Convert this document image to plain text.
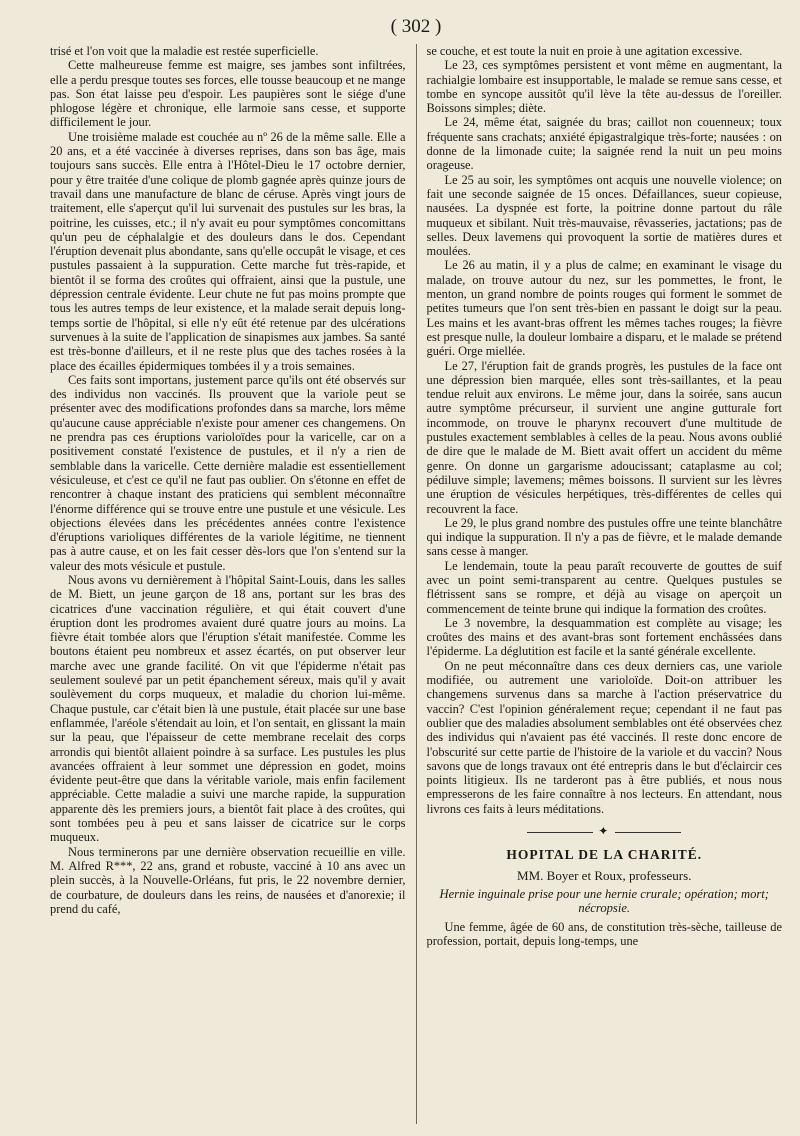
( 302 )

trisé et l'on voit que la maladie est restée superficielle.

Cette malheureuse femme est maigre, ses jambes sont infiltrées, elle a perdu presque toutes ses forces, elle tousse beaucoup et ne mange pas. Son état laisse peu d'espoir. Les paupières sont le siége d'une phlogose légère et chronique, elle larmoie sans cesse, et supporte difficilement le jour.

Une troisième malade est couchée au nº 26 de la même salle. Elle a 20 ans, et a été vaccinée à diverses reprises, dans son bas âge, mais toujours sans succès. Elle entra à l'Hôtel-Dieu le 17 octobre dernier, pour y être traitée d'une colique de plomb gagnée après quinze jours de travail dans une manufacture de blanc de céruse. Après vingt jours de traitement, elle s'aperçut qu'il lui survenait des pustules sur les bras, la poitrine, les cuisses, etc.; il n'y avait eu pour symptômes concomittans qu'un peu de céphalalgie et des douleurs dans le dos. Cependant l'éruption devenait plus abondante, sans qu'elle occupât le visage, et ces pustules passaient à la suppuration. Cette marche fut très-rapide, et bientôt il se forma des croûtes qui offraient, ainsi que la pustule, une dépression centrale évidente. Leur chute ne fut pas moins prompte que tous les autres temps de leur existence, et la malade serait depuis long-temps sortie de l'hôpital, si elle n'y eût été retenue par des ulcérations survenues à la suite de l'application de sinapismes aux jambes. Sa santé est très-bonne d'ailleurs, et il ne reste plus que des taches rosées à la place des écailles épidermiques tombées il y a trois semaines.

Ces faits sont importans, justement parce qu'ils ont été observés sur des individus non vaccinés. Ils prouvent que la variole peut se présenter avec des modifications profondes dans sa marche, lors même qu'aucune cause appréciable n'existe pour amener ces changemens. On ne prendra pas ces éruptions varioloïdes pour la varicelle, car on a positivement constaté l'existence de pustules, et il n'y a rien de semblable dans la varicelle. Cette dernière maladie est essentiellement vésiculeuse, et c'est ce qu'il ne faut pas oublier. On s'étonne en effet de rencontrer à chaque instant des praticiens qui semblent méconnaître l'énorme différence qui se trouve entre une pustule et une vésicule. Les objections élevées dans les précédentes années contre l'existence d'éruptions varioliques différentes de la variole légitime, ne tiennent pas à autre cause, et on les fait cesser dès-lors que l'on s'entend sur la valeur des mots vésicule et pustule.

Nous avons vu dernièrement à l'hôpital Saint-Louis, dans les salles de M. Biett, un jeune garçon de 18 ans, portant sur les bras des cicatrices d'une vaccination régulière, et qui était couvert d'une éruption dont les prodromes avaient duré quatre jours au moins. La fièvre était tombée alors que l'éruption s'était manifestée. Comme les boutons étaient peu nombreux et assez écartés, on put observer leur marche avec une grande facilité. On vit que l'épiderme n'était pas seulement soulevé par un petit épanchement séreux, mais qu'il y avait soulèvement du corps muqueux, et maladie du chorion lui-même. Chaque pustule, car c'était bien là une pustule, était placée sur une base enflammée, l'aréole s'étendait au loin, et l'on sentait, en glissant la main sur la peau, que l'épaisseur de cette membrane recelait des corps arrondis qui bientôt allaient poindre à sa surface. Les pustules les plus avancées offraient à leur sommet une dépression en godet, moins évidente peut-être que dans la véritable variole, mais enfin facilement appréciable. Cette maladie a suivi une marche rapide, la suppuration apparente dès les premiers jours, a bientôt fait place à des croûtes, qui sont tombées peu à peu et sans laisser de cicatrice sur le corps muqueux.

Nous terminerons par une dernière observation recueillie en ville. M. Alfred R***, 22 ans, grand et robuste, vacciné à 10 ans avec un plein succès, à la Nouvelle-Orléans, fut pris, le 22 novembre dernier, de courbature, de douleurs dans les reins, de nausées et d'anorexie; il prend du café,

se couche, et est toute la nuit en proie à une agitation excessive.

Le 23, ces symptômes persistent et vont même en augmentant, la rachialgie lombaire est insupportable, le malade se remue sans cesse, et tombe en syncope aussitôt qu'il lève la tête au-dessus de l'oreiller. Boissons simples; diète.

Le 24, même état, saignée du bras; caillot non couenneux; toux fréquente sans crachats; anxiété épigastralgique très-forte; nausées : on donne de la limonade cuite; la saignée rend la nuit un peu moins orageuse.

Le 25 au soir, les symptômes ont acquis une nouvelle violence; on fait une seconde saignée de 15 onces. Défaillances, sueur copieuse, nausées. La dyspnée est forte, la poitrine donne partout du râle muqueux et sibilant. Nuit très-mauvaise, rêvasseries, jactations; pas de selles. Deux lavemens qui provoquent la sortie de matières dures et moulées.

Le 26 au matin, il y a plus de calme; en examinant le visage du malade, on trouve autour du nez, sur les pommettes, le front, le menton, un grand nombre de points rouges qui forment le sommet de petites tumeurs que l'on sent très-bien en passant le doigt sur la peau. Les mains et les avant-bras offrent les mêmes taches rouges; la fièvre est presque nulle, la douleur lombaire a disparu, et le malade se prétend guéri. Orge miellée.

Le 27, l'éruption fait de grands progrès, les pustules de la face ont une dépression bien marquée, elles sont très-saillantes, et la peau tendue reluit aux environs. Le même jour, dans la soirée, sans aucun autre symptôme précurseur, il survient une angine gutturale fort incommode, on trouve le pharynx recouvert d'une multitude de pustules exactement semblables à celles de la peau. Nous avons oublié de dire que le malade de M. Biett avait offert un accident du même genre. On donne un gargarisme adoucissant; cataplasme au col; pédiluve simple; lavemens; mêmes boissons. Il survient sur les lèvres une éruption de vésicules herpétiques, très-différentes de celles qui recouvrent la face.

Le 29, le plus grand nombre des pustules offre une teinte blanchâtre qui indique la suppuration. Il n'y a pas de fièvre, et le malade demande sans cesse à manger.

Le lendemain, toute la peau paraît recouverte de gouttes de suif avec un point semi-transparent au centre. Quelques pustules se flétrissent sans se rompre, et déjà au visage on aperçoit un commencement de teinte brune qui indique la formation des croûtes.

Le 3 novembre, la desquammation est complète au visage; les croûtes des mains et des avant-bras sont fortement enchâssées dans l'épiderme. La déglutition est facile et la santé générale excellente.

On ne peut méconnaître dans ces deux derniers cas, une variole modifiée, ou autrement une varioloïde. Doit-on attribuer les changemens survenus dans sa marche à l'action préservatrice du vaccin? C'est l'opinion généralement reçue; cependant il ne faut pas oublier que des maladies absolument semblables ont été observées chez des individus qui n'avaient pas été vaccinés. Il reste donc encore de l'obscurité sur cette partie de l'histoire de la variole et du vaccin? Nous savons que de longs travaux ont été entrepris dans le but d'éclaircir ces points litigieux. Ils ne tarderont pas à être publiés, et nous nous empresserons de les faire connaître à nos lecteurs. En attendant, nous livrons ces faits à leurs méditations.

✦
HOPITAL DE LA CHARITÉ.
MM. Boyer et Roux, professeurs.
Hernie inguinale prise pour une hernie crurale; opération; mort; nécropsie.

Une femme, âgée de 60 ans, de constitution très-sèche, tailleuse de profession, portait, depuis long-temps, une
